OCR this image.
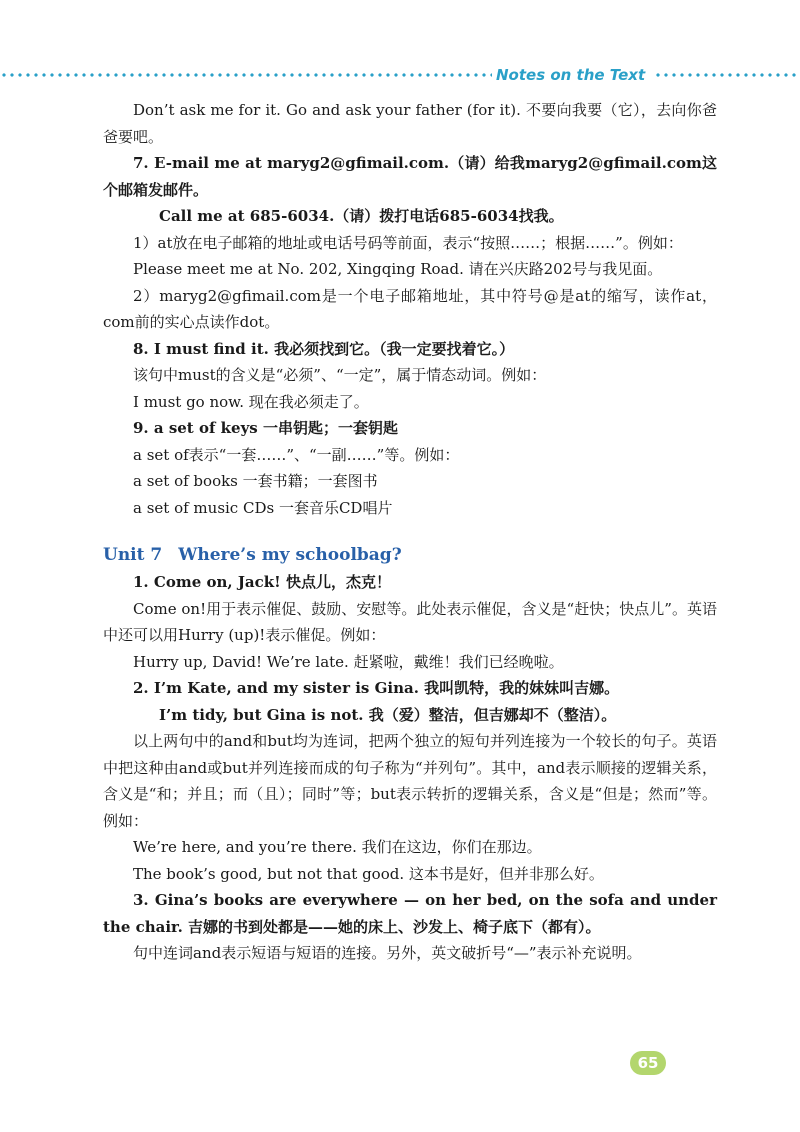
Notes on the Text

Don’t ask me for it. Go and ask your father (for it). 不要向我要（它），去向你爸爸要吧。

7. E-mail me at maryg2@gfimail.com.（请）给我maryg2@gfimail.com这个邮箱发邮件。

Call me at 685-6034.（请）拨打电话685-6034找我。

1）at放在电子邮箱的地址或电话号码等前面，表示“按照……；根据……”。例如：

Please meet me at No. 202, Xingqing Road. 请在兴庆路202号与我见面。

2）maryg2@gfimail.com是一个电子邮箱地址，其中符号@是at的缩写，读作at，com前的实心点读作dot。

8. I must find it. 我必须找到它。（我一定要找着它。）

该句中must的含义是“必须”、“一定”，属于情态动词。例如：

I must go now. 现在我必须走了。

9. a set of keys 一串钥匙；一套钥匙

a set of表示“一套……”、“一副……”等。例如：

a set of books 一套书籍；一套图书

a set of music CDs 一套音乐CD唱片

Unit 7 Where’s my schoolbag?

1. Come on, Jack! 快点儿，杰克！

Come on!用于表示催促、鼓励、安慰等。此处表示催促，含义是“赶快；快点儿”。英语中还可以用Hurry (up)!表示催促。例如：

Hurry up, David! We’re late. 赶紧啦，戴维！我们已经晚啦。

2. I’m Kate, and my sister is Gina. 我叫凯特，我的妹妹叫吉娜。

I’m tidy, but Gina is not. 我（爱）整洁，但吉娜却不（整洁）。

以上两句中的and和but均为连词，把两个独立的短句并列连接为一个较长的句子。英语中把这种由and或but并列连接而成的句子称为“并列句”。其中，and表示顺接的逻辑关系，含义是“和；并且；而（且）；同时”等；but表示转折的逻辑关系，含义是“但是；然而”等。例如：

We’re here, and you’re there. 我们在这边，你们在那边。

The book’s good, but not that good. 这本书是好，但并非那么好。

3. Gina’s books are everywhere — on her bed, on the sofa and under the chair. 吉娜的书到处都是——她的床上、沙发上、椅子底下（都有）。

句中连词and表示短语与短语的连接。另外，英文破折号“—”表示补充说明。

65
